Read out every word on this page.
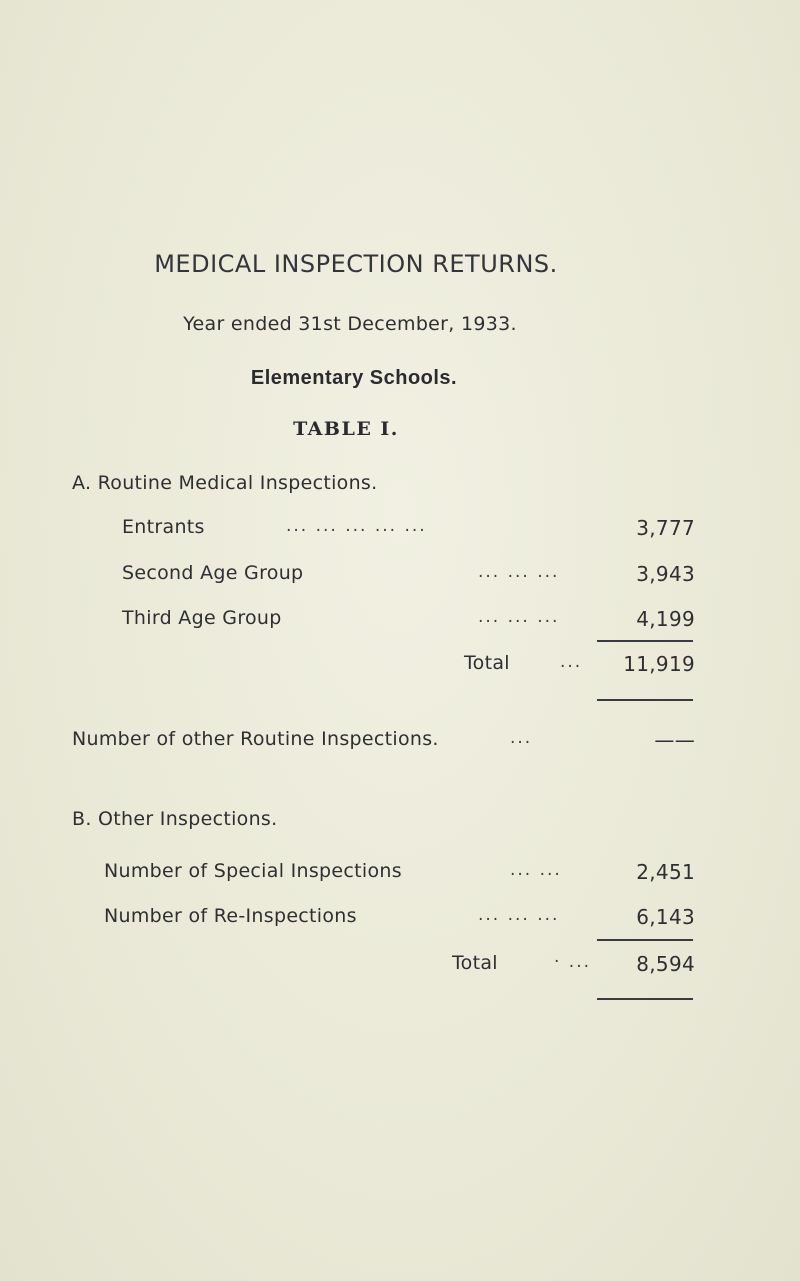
MEDICAL INSPECTION RETURNS.
Year ended 31st December, 1933.
Elementary Schools.
TABLE I.
A. Routine Medical Inspections.
Entrants	... ... ... ... ...	3,777
Second Age Group	... ... ...	3,943
Third Age Group	... ... ...	4,199
Total	...	11,919
Number of other Routine Inspections.	...	——
B. Other Inspections.
Number of Special Inspections	... ...	2,451
Number of Re-Inspections	... ... ...	6,143
Total	· ...	8,594
